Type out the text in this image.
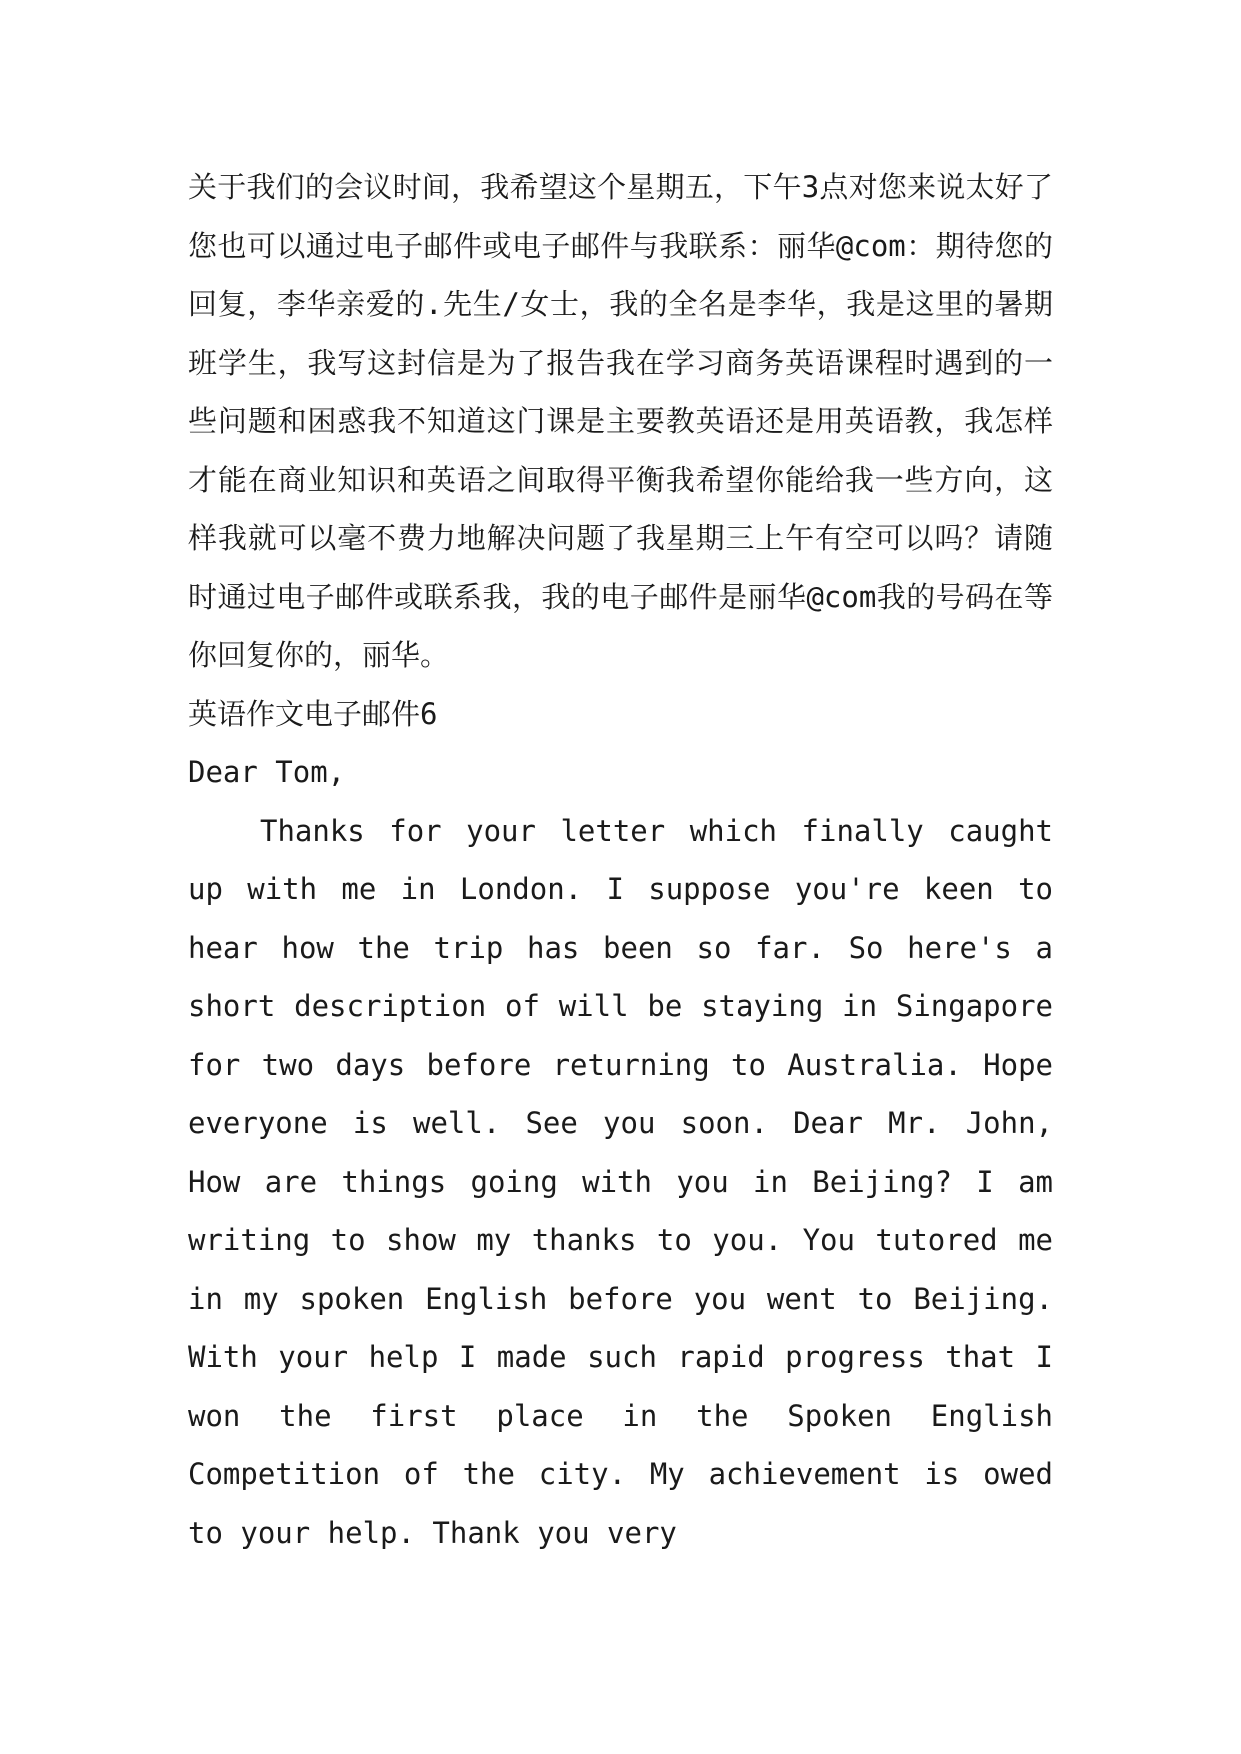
关于我们的会议时间，我希望这个星期五，下午3点对您来说太好了您也可以通过电子邮件或电子邮件与我联系：丽华@com：期待您的回复，李华亲爱的.先生/女士，我的全名是李华，我是这里的暑期班学生，我写这封信是为了报告我在学习商务英语课程时遇到的一些问题和困惑我不知道这门课是主要教英语还是用英语教，我怎样才能在商业知识和英语之间取得平衡我希望你能给我一些方向，这样我就可以毫不费力地解决问题了我星期三上午有空可以吗？请随时通过电子邮件或联系我，我的电子邮件是丽华@com我的号码在等你回复你的，丽华。

英语作文电子邮件6

Dear Tom,

Thanks for your letter which finally caught up with me in London. I suppose you're keen to hear how the trip has been so far. So here's a short description of will be staying in Singapore for two days before returning to Australia. Hope everyone is well. See you soon. Dear Mr. John, How are things going with you in Beijing? I am writing to show my thanks to you. You tutored me in my spoken English before you went to Beijing. With your help I made such rapid progress that I won the first place in the Spoken English Competition of the city. My achievement is owed to your help. Thank you very
